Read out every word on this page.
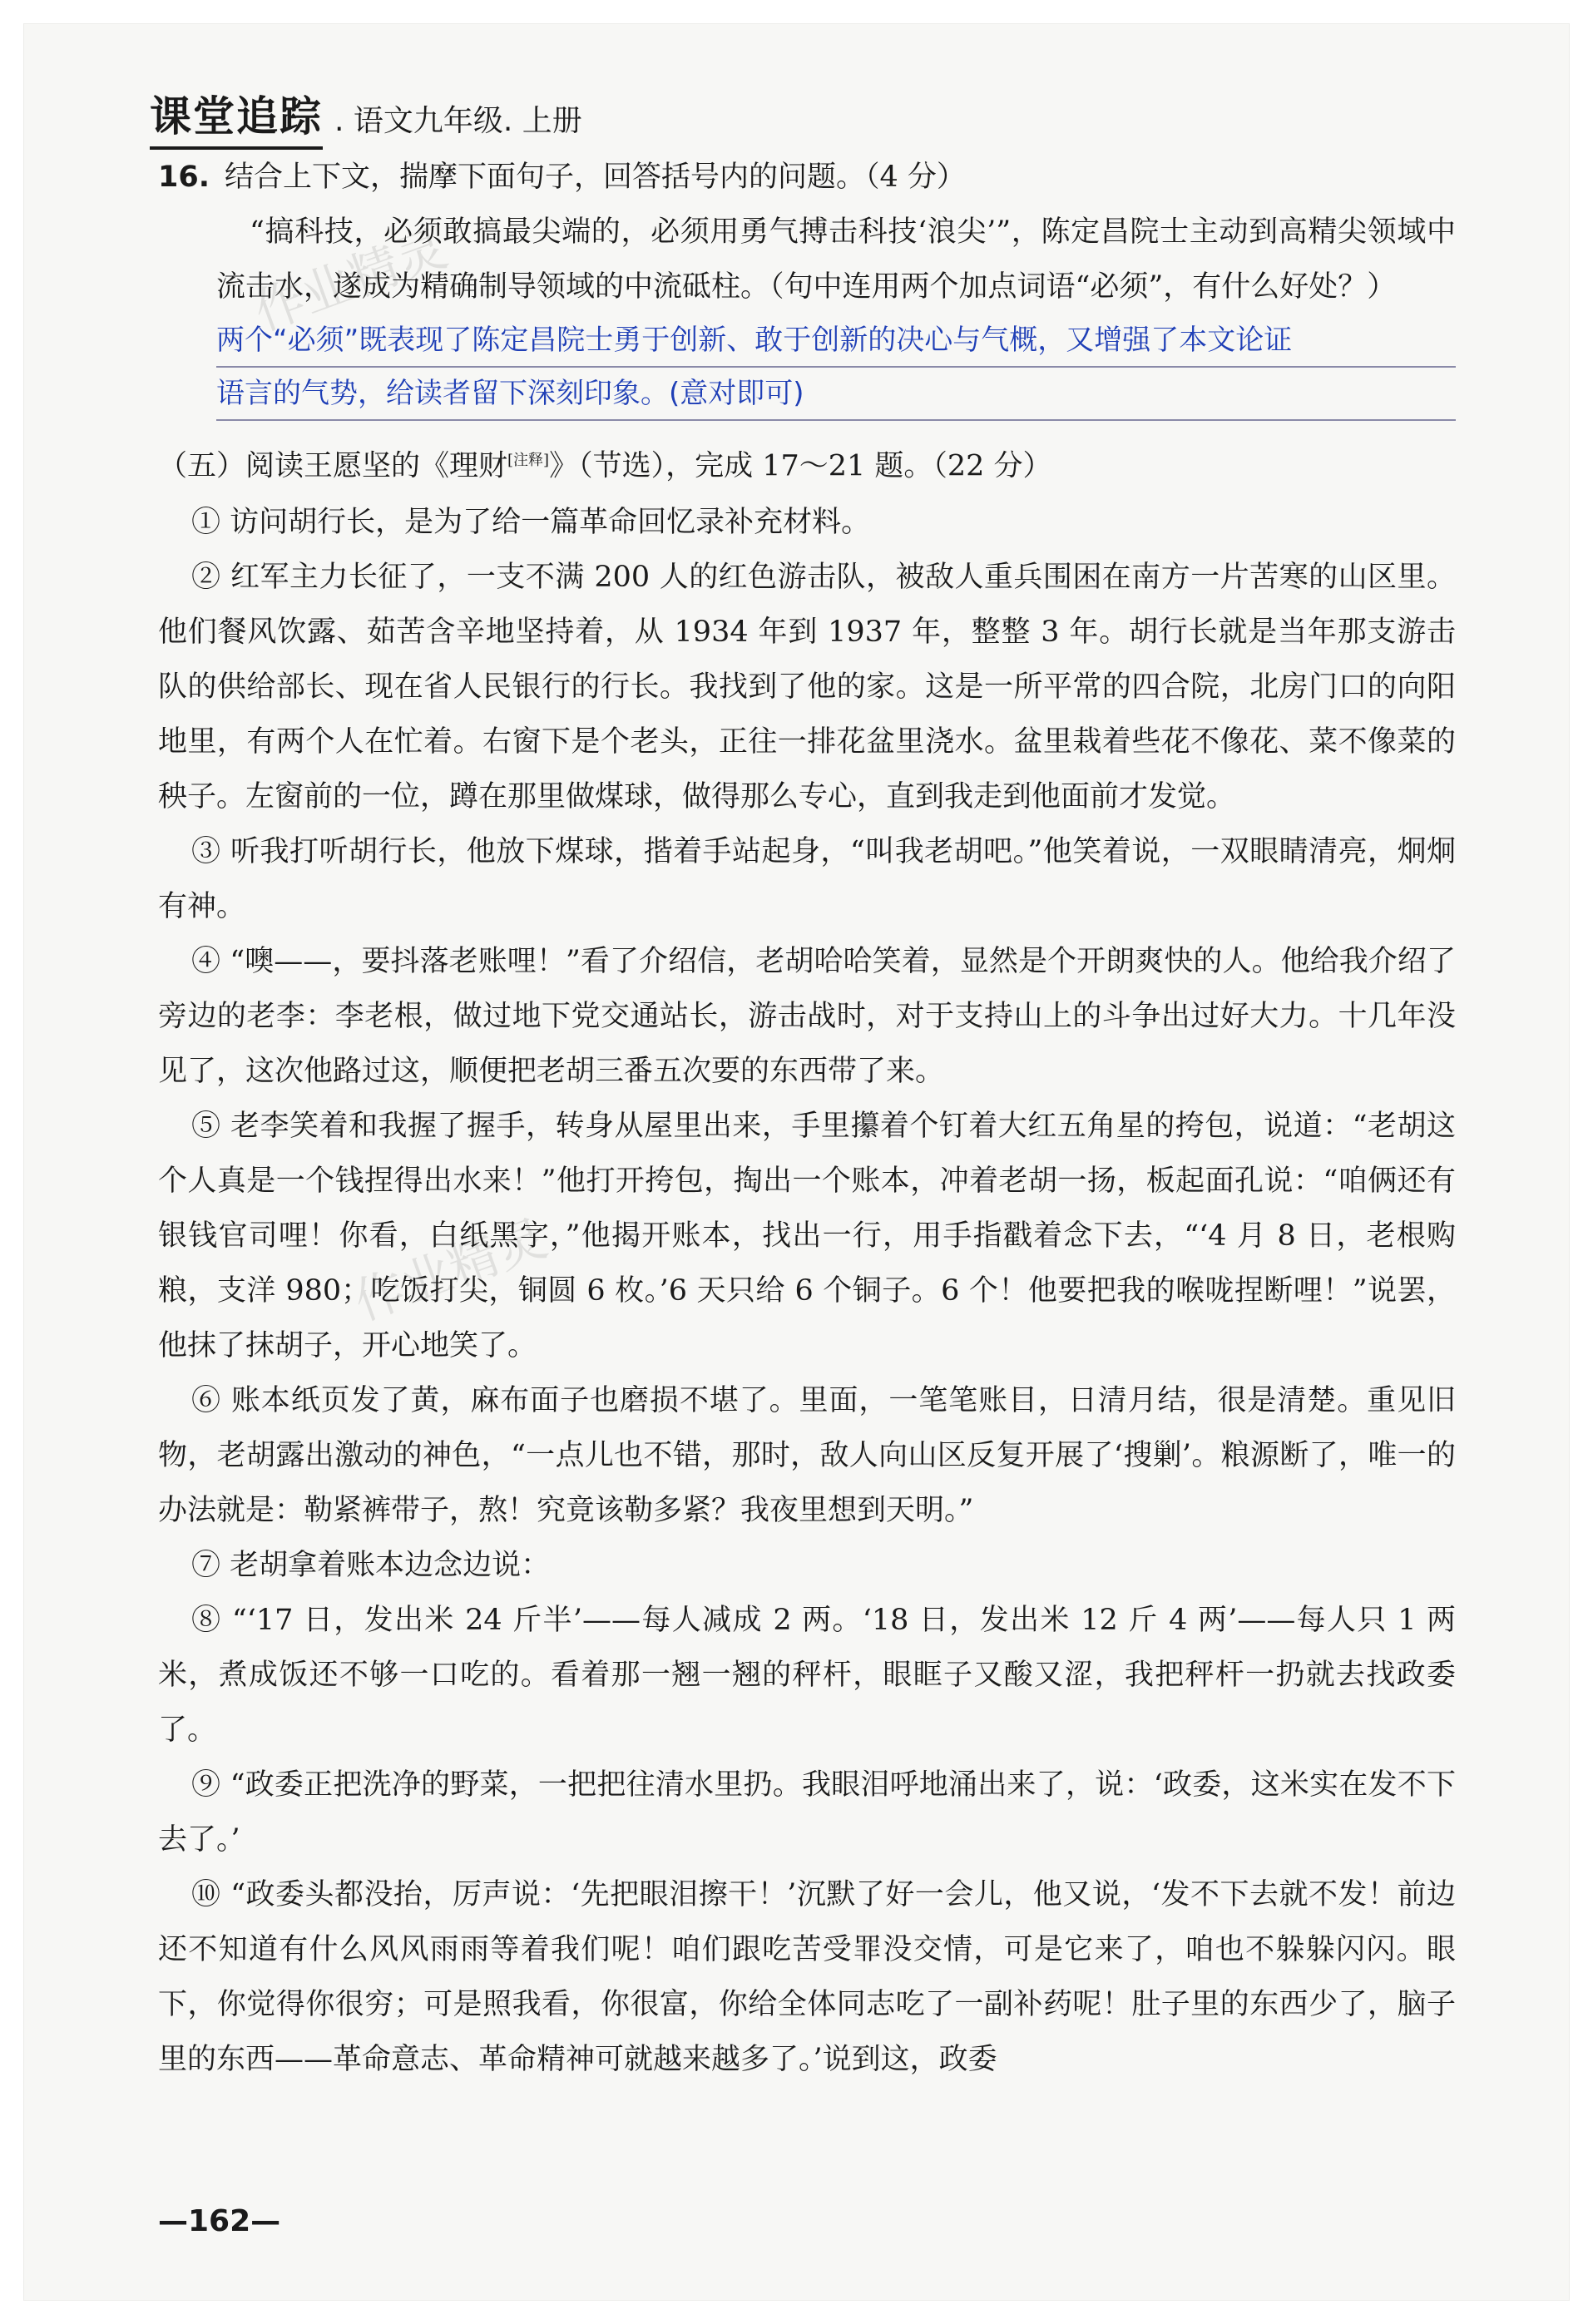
课堂追踪 . 语文九年级. 上册
作业精灵
作业精灵
16. 结合上下文，揣摩下面句子，回答括号内的问题。（4 分）
“搞科技，必须敢搞最尖端的，必须用勇气搏击科技‘浪尖’”，陈定昌院士主动到高精尖领域中流击水，遂成为精确制导领域的中流砥柱。（句中连用两个加点词语“必须”，有什么好处？）
两个“必须”既表现了陈定昌院士勇于创新、敢于创新的决心与气概，又增强了本文论证
语言的气势，给读者留下深刻印象。(意对即可)
（五）阅读王愿坚的《理财[注释]》（节选），完成 17～21 题。（22 分）

① 访问胡行长，是为了给一篇革命回忆录补充材料。

② 红军主力长征了，一支不满 200 人的红色游击队，被敌人重兵围困在南方一片苦寒的山区里。他们餐风饮露、茹苦含辛地坚持着，从 1934 年到 1937 年，整整 3 年。胡行长就是当年那支游击队的供给部长、现在省人民银行的行长。我找到了他的家。这是一所平常的四合院，北房门口的向阳地里，有两个人在忙着。右窗下是个老头，正往一排花盆里浇水。盆里栽着些花不像花、菜不像菜的秧子。左窗前的一位，蹲在那里做煤球，做得那么专心，直到我走到他面前才发觉。

③ 听我打听胡行长，他放下煤球，揩着手站起身，“叫我老胡吧。”他笑着说，一双眼睛清亮，炯炯有神。

④ “噢——，要抖落老账哩！”看了介绍信，老胡哈哈笑着，显然是个开朗爽快的人。他给我介绍了旁边的老李：李老根，做过地下党交通站长，游击战时，对于支持山上的斗争出过好大力。十几年没见了，这次他路过这，顺便把老胡三番五次要的东西带了来。

⑤ 老李笑着和我握了握手，转身从屋里出来，手里攥着个钉着大红五角星的挎包，说道：“老胡这个人真是一个钱捏得出水来！”他打开挎包，掏出一个账本，冲着老胡一扬，板起面孔说：“咱俩还有银钱官司哩！你看，白纸黑字，”他揭开账本，找出一行，用手指戳着念下去，“‘4 月 8 日，老根购粮，支洋 980；吃饭打尖，铜圆 6 枚。’6 天只给 6 个铜子。6 个！他要把我的喉咙捏断哩！”说罢，他抹了抹胡子，开心地笑了。

⑥ 账本纸页发了黄，麻布面子也磨损不堪了。里面，一笔笔账目，日清月结，很是清楚。重见旧物，老胡露出激动的神色，“一点儿也不错，那时，敌人向山区反复开展了‘搜剿’。粮源断了，唯一的办法就是：勒紧裤带子，熬！究竟该勒多紧？我夜里想到天明。”

⑦ 老胡拿着账本边念边说：

⑧ “‘17 日，发出米 24 斤半’——每人减成 2 两。‘18 日，发出米 12 斤 4 两’——每人只 1 两米，煮成饭还不够一口吃的。看着那一翘一翘的秤杆，眼眶子又酸又涩，我把秤杆一扔就去找政委了。

⑨ “政委正把洗净的野菜，一把把往清水里扔。我眼泪呼地涌出来了，说：‘政委，这米实在发不下去了。’

⑩ “政委头都没抬，厉声说：‘先把眼泪擦干！’沉默了好一会儿，他又说，‘发不下去就不发！前边还不知道有什么风风雨雨等着我们呢！咱们跟吃苦受罪没交情，可是它来了，咱也不躲躲闪闪。眼下，你觉得你很穷；可是照我看，你很富，你给全体同志吃了一副补药呢！肚子里的东西少了，脑子里的东西——革命意志、革命精神可就越来越多了。’说到这，政委

—162—
